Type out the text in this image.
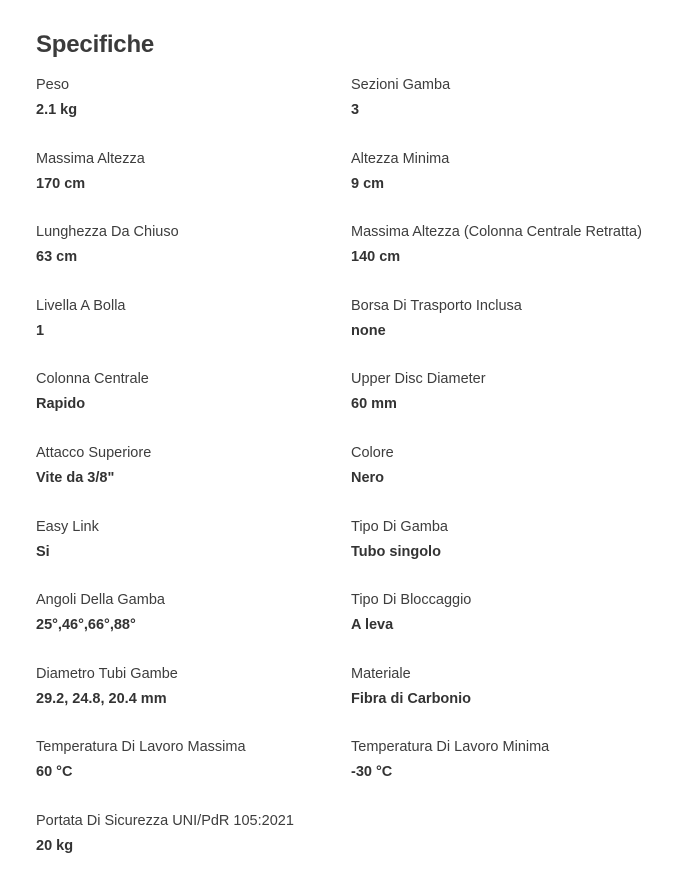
Specifiche
Peso
2.1 kg
Sezioni Gamba
3
Massima Altezza
170 cm
Altezza Minima
9 cm
Lunghezza Da Chiuso
63 cm
Massima Altezza (Colonna Centrale Retratta)
140 cm
Livella A Bolla
1
Borsa Di Trasporto Inclusa
none
Colonna Centrale
Rapido
Upper Disc Diameter
60 mm
Attacco Superiore
Vite da 3/8"
Colore
Nero
Easy Link
Si
Tipo Di Gamba
Tubo singolo
Angoli Della Gamba
25°,46°,66°,88°
Tipo Di Bloccaggio
A leva
Diametro Tubi Gambe
29.2, 24.8, 20.4 mm
Materiale
Fibra di Carbonio
Temperatura Di Lavoro Massima
60 °C
Temperatura Di Lavoro Minima
-30 °C
Portata Di Sicurezza UNI/PdR 105:2021
20 kg
